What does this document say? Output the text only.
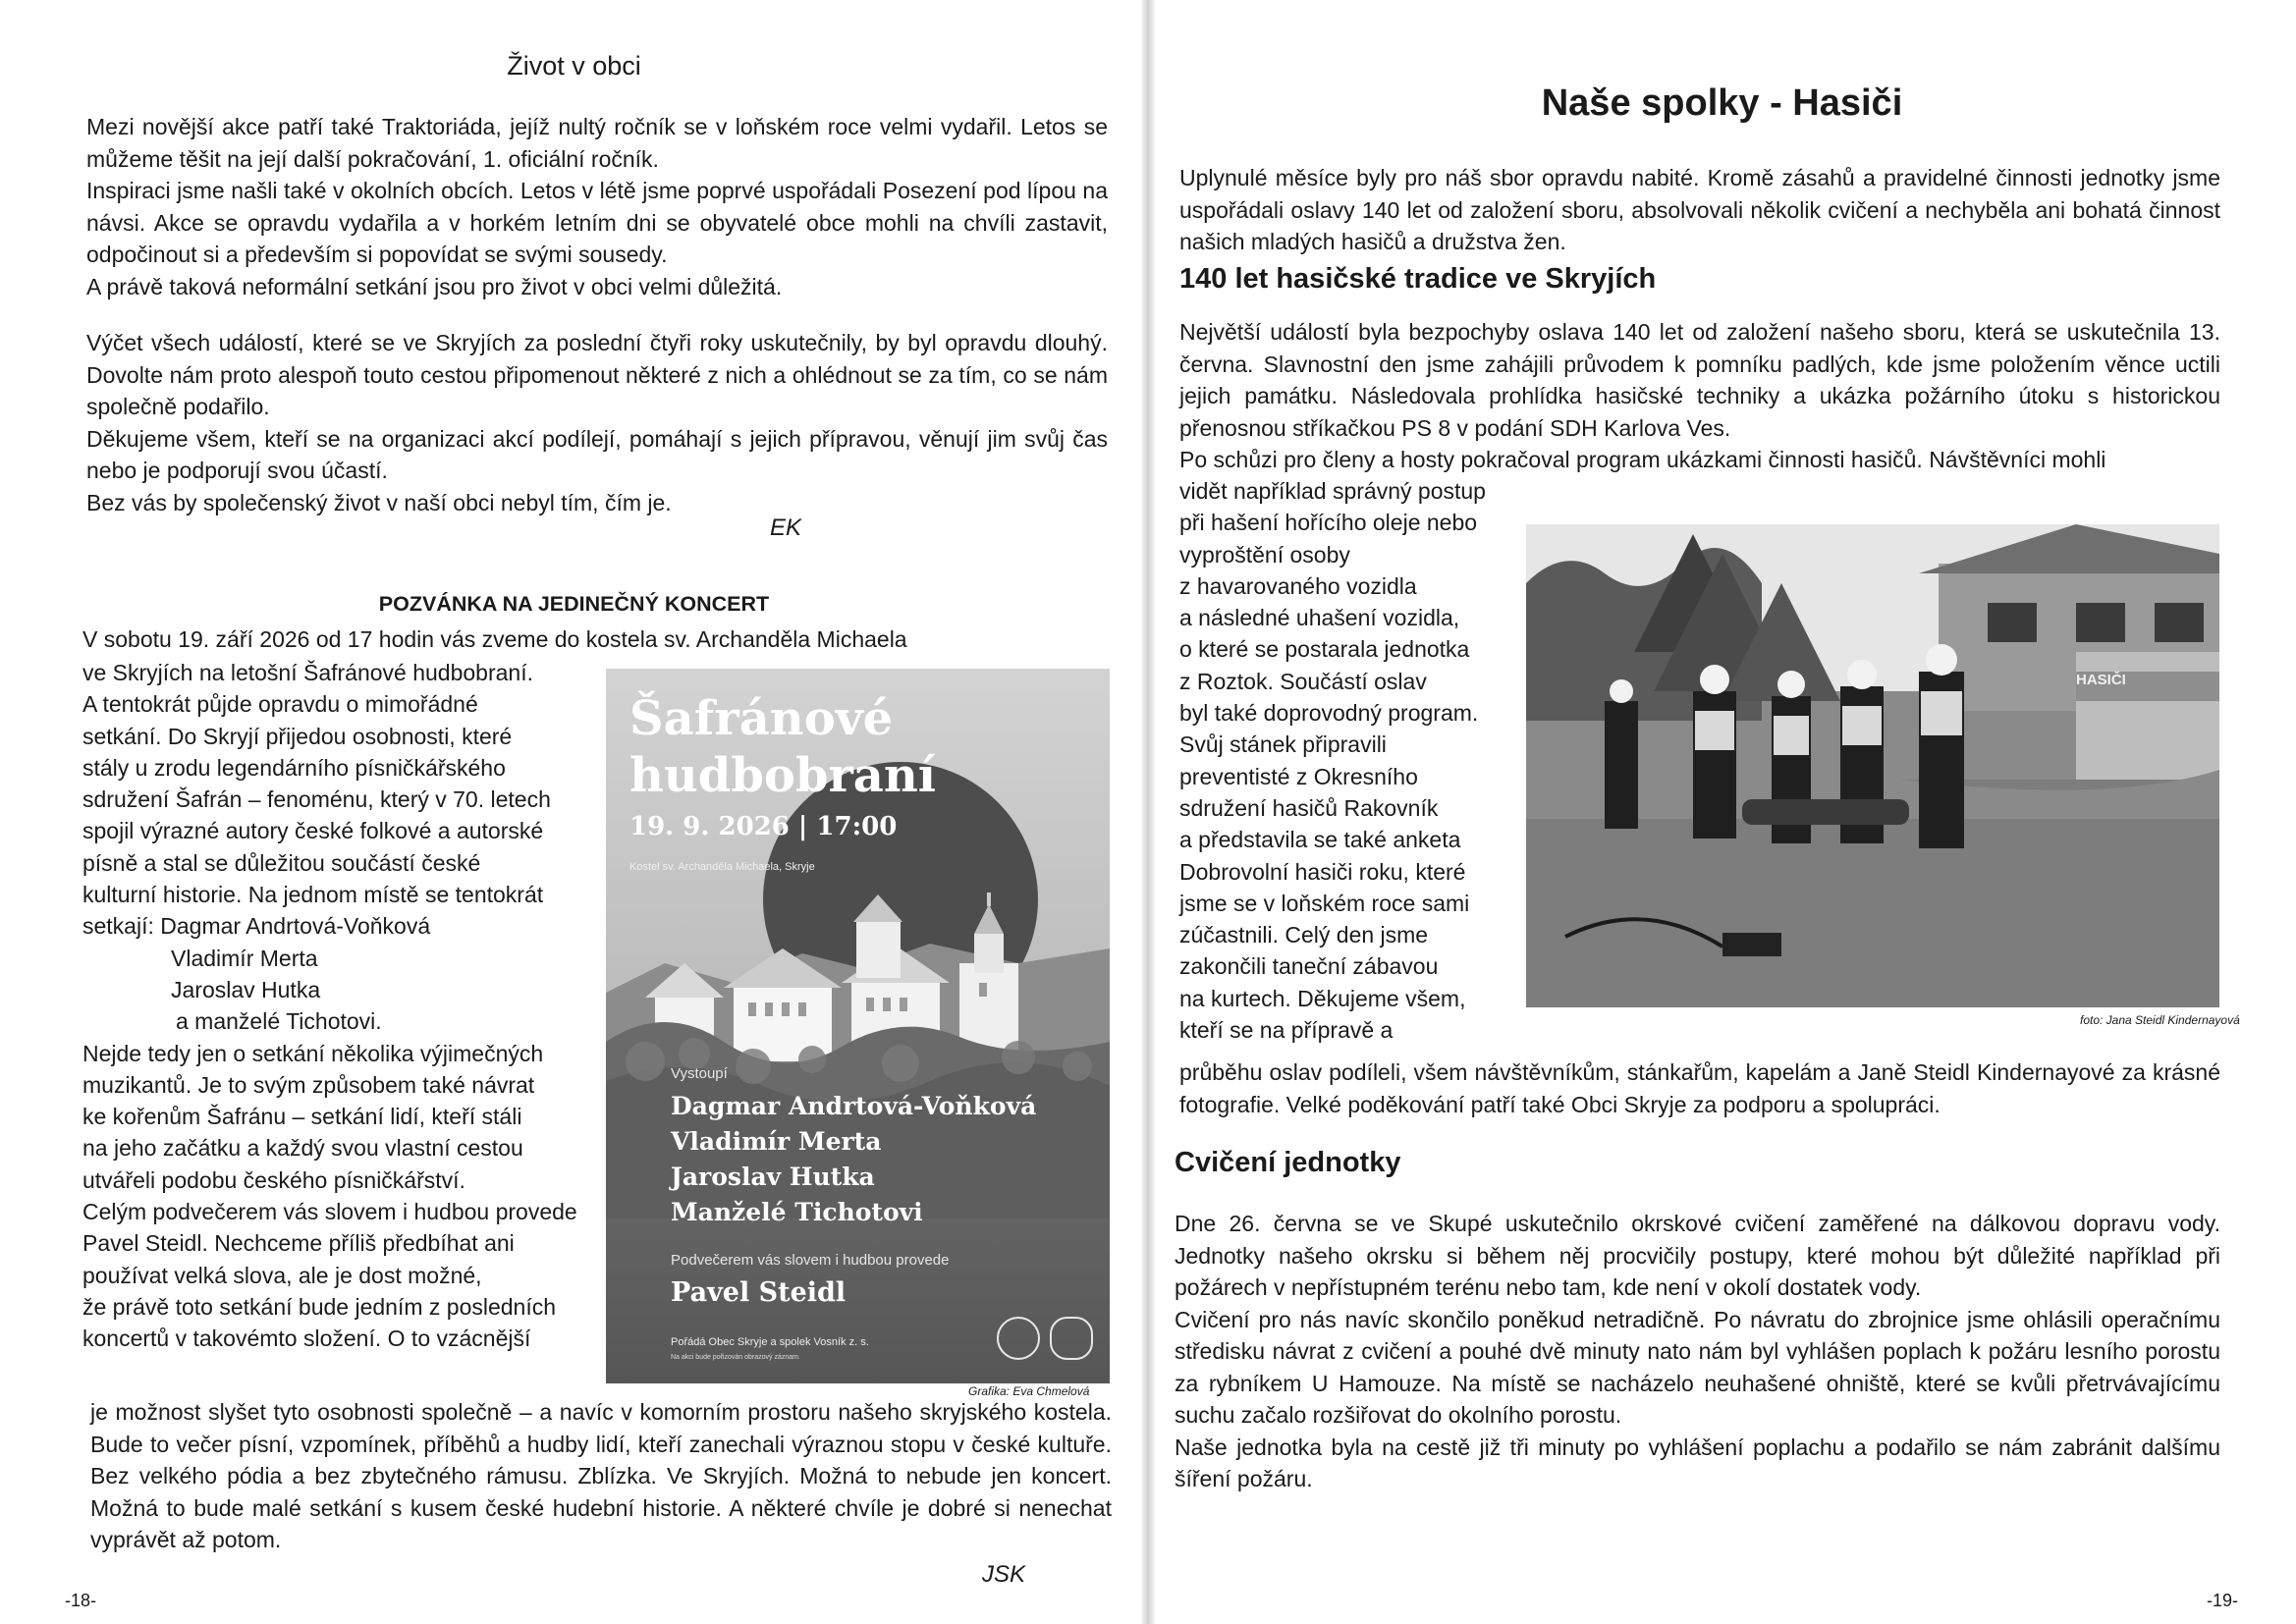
Život v obci

Mezi novější akce patří také Traktoriáda, jejíž nultý ročník se v loňském roce velmi vydařil. Letos se můžeme těšit na její další pokračování, 1. oficiální ročník.
Inspiraci jsme našli také v okolních obcích. Letos v létě jsme poprvé uspořádali Posezení pod lípou na návsi. Akce se opravdu vydařila a v horkém letním dni se obyvatelé obce mohli na chvíli zastavit, odpočinout si a především si popovídat se svými sousedy.
A právě taková neformální setkání jsou pro život v obci velmi důležitá.
Výčet všech událostí, které se ve Skryjích za poslední čtyři roky uskutečnily, by byl opravdu dlouhý. Dovolte nám proto alespoň touto cestou připomenout některé z nich a ohlédnout se za tím, co se nám společně podařilo.
Děkujeme všem, kteří se na organizaci akcí podílejí, pomáhají s jejich přípravou, věnují jim svůj čas nebo je podporují svou účastí.
Bez vás by společenský život v naší obci nebyl tím, čím je.

EK

POZVÁNKA NA JEDINEČNÝ KONCERT

V sobotu 19. září 2026 od 17 hodin vás zveme do kostela sv. Archanděla Michaela

ve Skryjích na letošní Šafránové hudbobraní.
A tentokrát půjde opravdu o mimořádné
setkání. Do Skryjí přijedou osobnosti, které
stály u zrodu legendárního písničkářského
sdružení Šafrán – fenoménu, který v 70. letech
spojil výrazné autory české folkové a autorské
písně a stal se důležitou součástí české
kulturní historie. Na jednom místě se tentokrát
setkají: Dagmar Andrtová-Voňková
Vladimír Merta
Jaroslav Hutka
a manželé Tichotovi.
Nejde tedy jen o setkání několika výjimečných
muzikantů. Je to svým způsobem také návrat
ke kořenům Šafránu – setkání lidí, kteří stáli
na jeho začátku a každý svou vlastní cestou
utvářeli podobu českého písničkářství.
Celým podvečerem vás slovem i hudbou provede
Pavel Steidl. Nechceme příliš předbíhat ani
používat velká slova, ale je dost možné,
že právě toto setkání bude jedním z posledních
koncertů v takovémto složení. O to vzácnější

Šafránové
hudbobraní

19. 9. 2026 | 17:00

Kostel sv. Archanděla Michaela, Skryje

Vystoupí

Dagmar Andrtová-Voňková
Vladimír Merta
Jaroslav Hutka
Manželé Tichotovi

Podvečerem vás slovem i hudbou provede

Pavel Steidl

Pořádá Obec Skryje a spolek Vosník z. s.

Na akci bude pořizován obrazový záznam.

Grafika: Eva Chmelová

je možnost slyšet tyto osobnosti společně – a navíc v komorním prostoru našeho skryjského kostela. Bude to večer písní, vzpomínek, příběhů a hudby lidí, kteří zanechali výraznou stopu v české kultuře. Bez velkého pódia a bez zbytečného rámusu. Zblízka. Ve Skryjích. Možná to nebude jen koncert. Možná to bude malé setkání s kusem české hudební historie. A některé chvíle je dobré si nenechat vyprávět až potom.

JSK

-18-

Naše spolky - Hasiči

Uplynulé měsíce byly pro náš sbor opravdu nabité. Kromě zásahů a pravidelné činnosti jednotky jsme uspořádali oslavy 140 let od založení sboru, absolvovali několik cvičení a nechyběla ani bohatá činnost našich mladých hasičů a družstva žen.

140 let hasičské tradice ve Skryjích

Největší událostí byla bezpochyby oslava 140 let od založení našeho sboru, která se uskutečnila 13. června. Slavnostní den jsme zahájili průvodem k pomníku padlých, kde jsme položením věnce uctili jejich památku. Následovala prohlídka hasičské techniky a ukázka požárního útoku s historickou přenosnou stříkačkou PS 8 v podání SDH Karlova Ves.
Po schůzi pro členy a hosty pokračoval program ukázkami činnosti hasičů. Návštěvníci mohli
vidět například správný postup
při hašení hořícího oleje nebo
vyproštění osoby
z havarovaného vozidla
a následné uhašení vozidla,
o které se postarala jednotka
z Roztok. Součástí oslav
byl také doprovodný program.
Svůj stánek připravili
preventisté z Okresního
sdružení hasičů Rakovník
a představila se také anketa
Dobrovolní hasiči roku, které
jsme se v loňském roce sami
zúčastnili. Celý den jsme
zakončili taneční zábavou
na kurtech. Děkujeme všem,
kteří se na přípravě a
průběhu oslav podíleli, všem návštěvníkům, stánkařům, kapelám a Janě Steidl Kindernayové za krásné fotografie. Velké poděkování patří také Obci Skryje za podporu a spolupráci.

Cvičení jednotky

Dne 26. června se ve Skupé uskutečnilo okrskové cvičení zaměřené na dálkovou dopravu vody. Jednotky našeho okrsku si během něj procvičily postupy, které mohou být důležité například při požárech v nepřístupném terénu nebo tam, kde není v okolí dostatek vody.
Cvičení pro nás navíc skončilo poněkud netradičně. Po návratu do zbrojnice jsme ohlásili operačnímu středisku návrat z cvičení a pouhé dvě minuty nato nám byl vyhlášen poplach k požáru lesního porostu za rybníkem U Hamouze. Na místě se nacházelo neuhašené ohniště, které se kvůli přetrvávajícímu suchu začalo rozšiřovat do okolního porostu.
Naše jednotka byla na cestě již tři minuty po vyhlášení poplachu a podařilo se nám zabránit dalšímu šíření požáru.

-19-

HASIČI

foto: Jana Steidl Kindernayová
